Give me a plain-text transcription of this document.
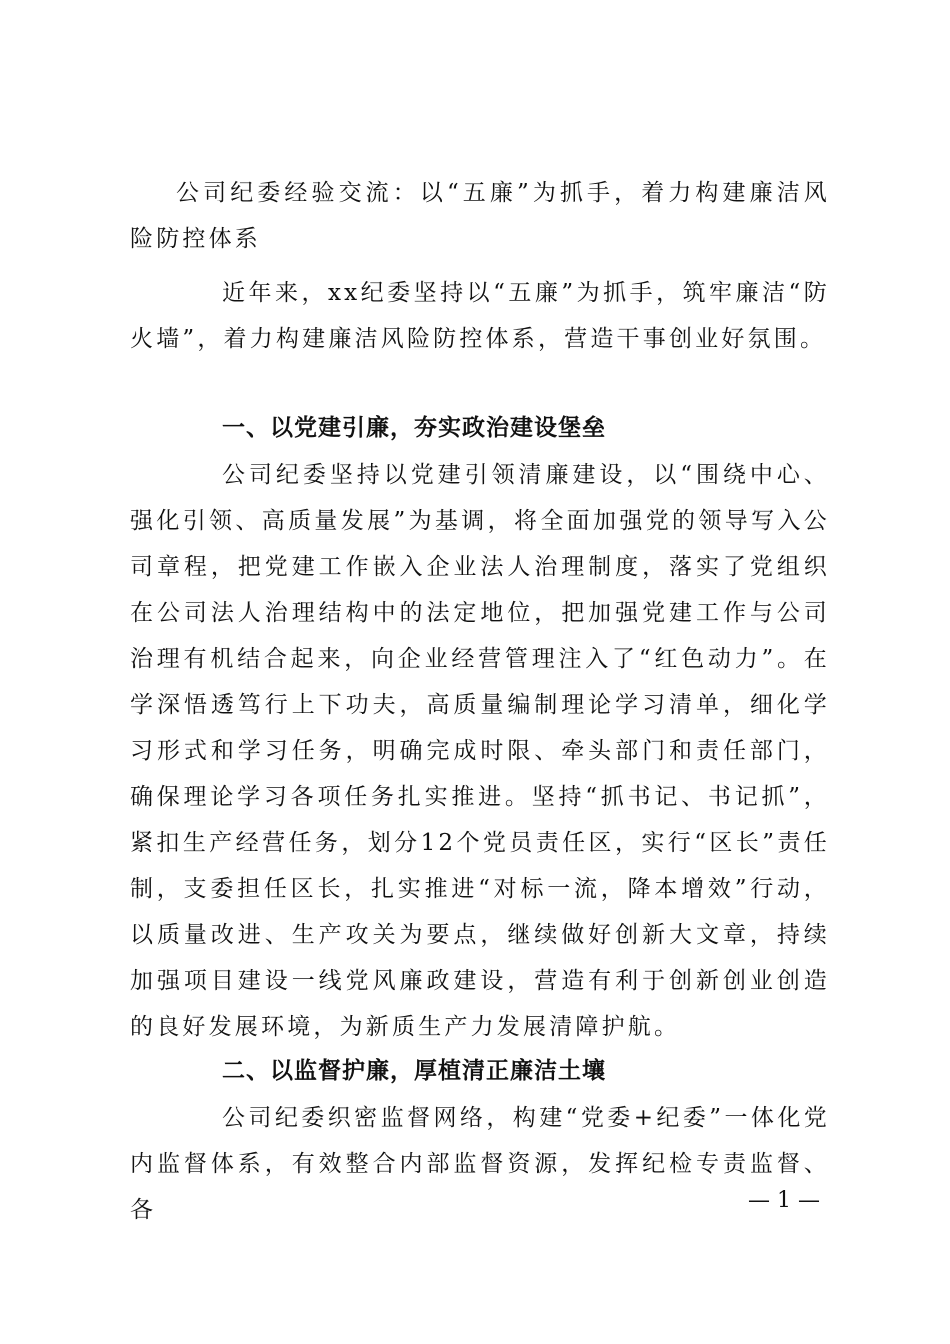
公司纪委经验交流：以“五廉”为抓手，着力构建廉洁风险防控体系
近年来，xx纪委坚持以“五廉”为抓手，筑牢廉洁“防火墙”，着力构建廉洁风险防控体系，营造干事创业好氛围。
一、以党建引廉，夯实政治建设堡垒
公司纪委坚持以党建引领清廉建设，以“围绕中心、强化引领、高质量发展”为基调，将全面加强党的领导写入公司章程，把党建工作嵌入企业法人治理制度，落实了党组织在公司法人治理结构中的法定地位，把加强党建工作与公司治理有机结合起来，向企业经营管理注入了“红色动力”。在学深悟透笃行上下功夫，高质量编制理论学习清单，细化学习形式和学习任务，明确完成时限、牵头部门和责任部门，确保理论学习各项任务扎实推进。坚持“抓书记、书记抓”，紧扣生产经营任务，划分12个党员责任区，实行“区长”责任制，支委担任区长，扎实推进“对标一流，降本增效”行动，以质量改进、生产攻关为要点，继续做好创新大文章，持续加强项目建设一线党风廉政建设，营造有利于创新创业创造的良好发展环境，为新质生产力发展清障护航。
二、以监督护廉，厚植清正廉洁土壤
公司纪委织密监督网络，构建“党委+纪委”一体化党内监督体系，有效整合内部监督资源，发挥纪检专责监督、各	— 1 —
